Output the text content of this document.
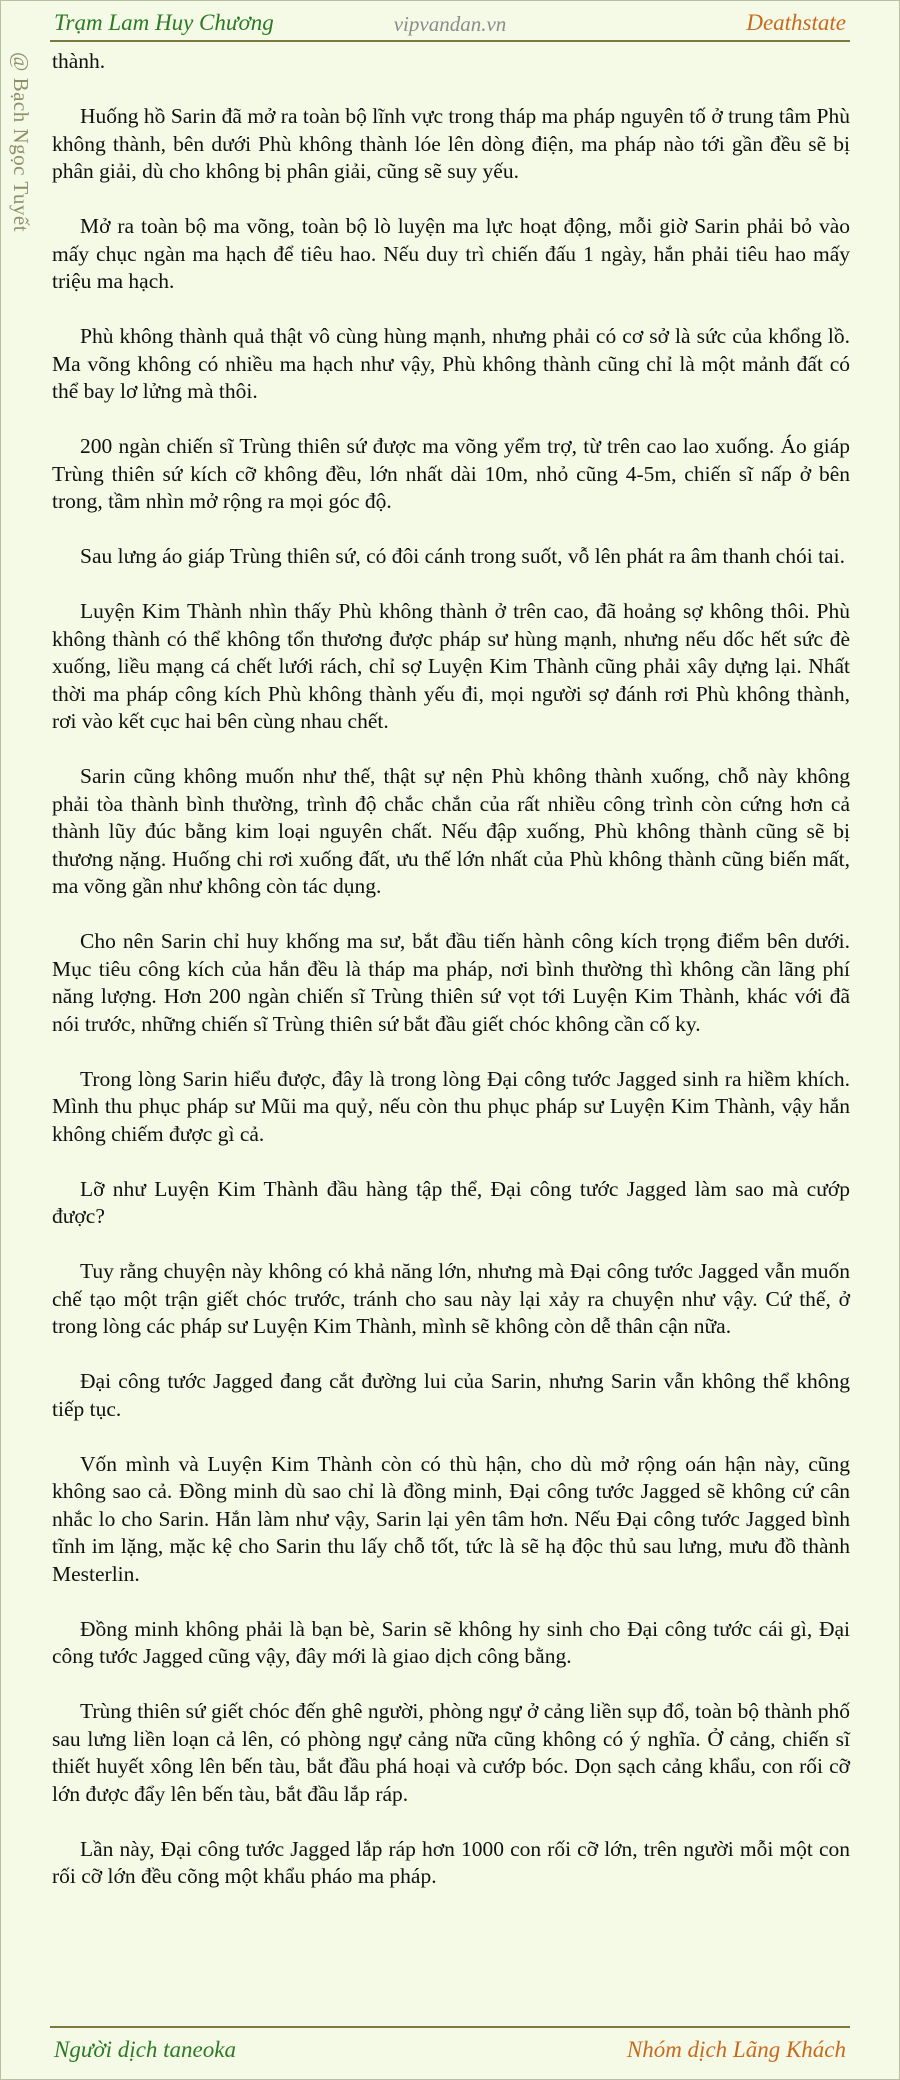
Trạm Lam Huy Chương	vipvandan.vn	Deathstate
@ Bạch Ngọc Tuyết thành.

Huống hồ Sarin đã mở ra toàn bộ lĩnh vực trong tháp ma pháp nguyên tố ở trung tâm Phù không thành, bên dưới Phù không thành lóe lên dòng điện, ma pháp nào tới gần đều sẽ bị phân giải, dù cho không bị phân giải, cũng sẽ suy yếu.

Mở ra toàn bộ ma võng, toàn bộ lò luyện ma lực hoạt động, mỗi giờ Sarin phải bỏ vào mấy chục ngàn ma hạch để tiêu hao. Nếu duy trì chiến đấu 1 ngày, hắn phải tiêu hao mấy triệu ma hạch.

Phù không thành quả thật vô cùng hùng mạnh, nhưng phải có cơ sở là sức của khổng lồ. Ma võng không có nhiều ma hạch như vậy, Phù không thành cũng chỉ là một mảnh đất có thể bay lơ lửng mà thôi.

200 ngàn chiến sĩ Trùng thiên sứ được ma võng yểm trợ, từ trên cao lao xuống. Áo giáp Trùng thiên sứ kích cỡ không đều, lớn nhất dài 10m, nhỏ cũng 4-5m, chiến sĩ nấp ở bên trong, tầm nhìn mở rộng ra mọi góc độ.

Sau lưng áo giáp Trùng thiên sứ, có đôi cánh trong suốt, vỗ lên phát ra âm thanh chói tai.

Luyện Kim Thành nhìn thấy Phù không thành ở trên cao, đã hoảng sợ không thôi. Phù không thành có thể không tổn thương được pháp sư hùng mạnh, nhưng nếu dốc hết sức đè xuống, liều mạng cá chết lưới rách, chỉ sợ Luyện Kim Thành cũng phải xây dựng lại. Nhất thời ma pháp công kích Phù không thành yếu đi, mọi người sợ đánh rơi Phù không thành, rơi vào kết cục hai bên cùng nhau chết.

Sarin cũng không muốn như thế, thật sự nện Phù không thành xuống, chỗ này không phải tòa thành bình thường, trình độ chắc chắn của rất nhiều công trình còn cứng hơn cả thành lũy đúc bằng kim loại nguyên chất. Nếu đập xuống, Phù không thành cũng sẽ bị thương nặng. Huống chi rơi xuống đất, ưu thế lớn nhất của Phù không thành cũng biến mất, ma võng gần như không còn tác dụng.

Cho nên Sarin chỉ huy khống ma sư, bắt đầu tiến hành công kích trọng điểm bên dưới. Mục tiêu công kích của hắn đều là tháp ma pháp, nơi bình thường thì không cần lãng phí năng lượng. Hơn 200 ngàn chiến sĩ Trùng thiên sứ vọt tới Luyện Kim Thành, khác với đã nói trước, những chiến sĩ Trùng thiên sứ bắt đầu giết chóc không cần cố ky.

Trong lòng Sarin hiểu được, đây là trong lòng Đại công tước Jagged sinh ra hiềm khích. Mình thu phục pháp sư Mũi ma quỷ, nếu còn thu phục pháp sư Luyện Kim Thành, vậy hắn không chiếm được gì cả.

Lỡ như Luyện Kim Thành đầu hàng tập thể, Đại công tước Jagged làm sao mà cướp được?

Tuy rằng chuyện này không có khả năng lớn, nhưng mà Đại công tước Jagged vẫn muốn chế tạo một trận giết chóc trước, tránh cho sau này lại xảy ra chuyện như vậy. Cứ thế, ở trong lòng các pháp sư Luyện Kim Thành, mình sẽ không còn dễ thân cận nữa.

Đại công tước Jagged đang cắt đường lui của Sarin, nhưng Sarin vẫn không thể không tiếp tục.

Vốn mình và Luyện Kim Thành còn có thù hận, cho dù mở rộng oán hận này, cũng không sao cả. Đồng minh dù sao chỉ là đồng minh, Đại công tước Jagged sẽ không cứ cân nhắc lo cho Sarin. Hắn làm như vậy, Sarin lại yên tâm hơn. Nếu Đại công tước Jagged bình tĩnh im lặng, mặc kệ cho Sarin thu lấy chỗ tốt, tức là sẽ hạ độc thủ sau lưng, mưu đồ thành Mesterlin.

Đồng minh không phải là bạn bè, Sarin sẽ không hy sinh cho Đại công tước cái gì, Đại công tước Jagged cũng vậy, đây mới là giao dịch công bằng.

Trùng thiên sứ giết chóc đến ghê người, phòng ngự ở cảng liền sụp đổ, toàn bộ thành phố sau lưng liền loạn cả lên, có phòng ngự cảng nữa cũng không có ý nghĩa. Ở cảng, chiến sĩ thiết huyết xông lên bến tàu, bắt đầu phá hoại và cướp bóc. Dọn sạch cảng khẩu, con rối cỡ lớn được đẩy lên bến tàu, bắt đầu lắp ráp.

Lần này, Đại công tước Jagged lắp ráp hơn 1000 con rối cỡ lớn, trên người mỗi một con rối cỡ lớn đều cõng một khẩu pháo ma pháp.

Người dịch taneoka	Nhóm dịch Lãng Khách
